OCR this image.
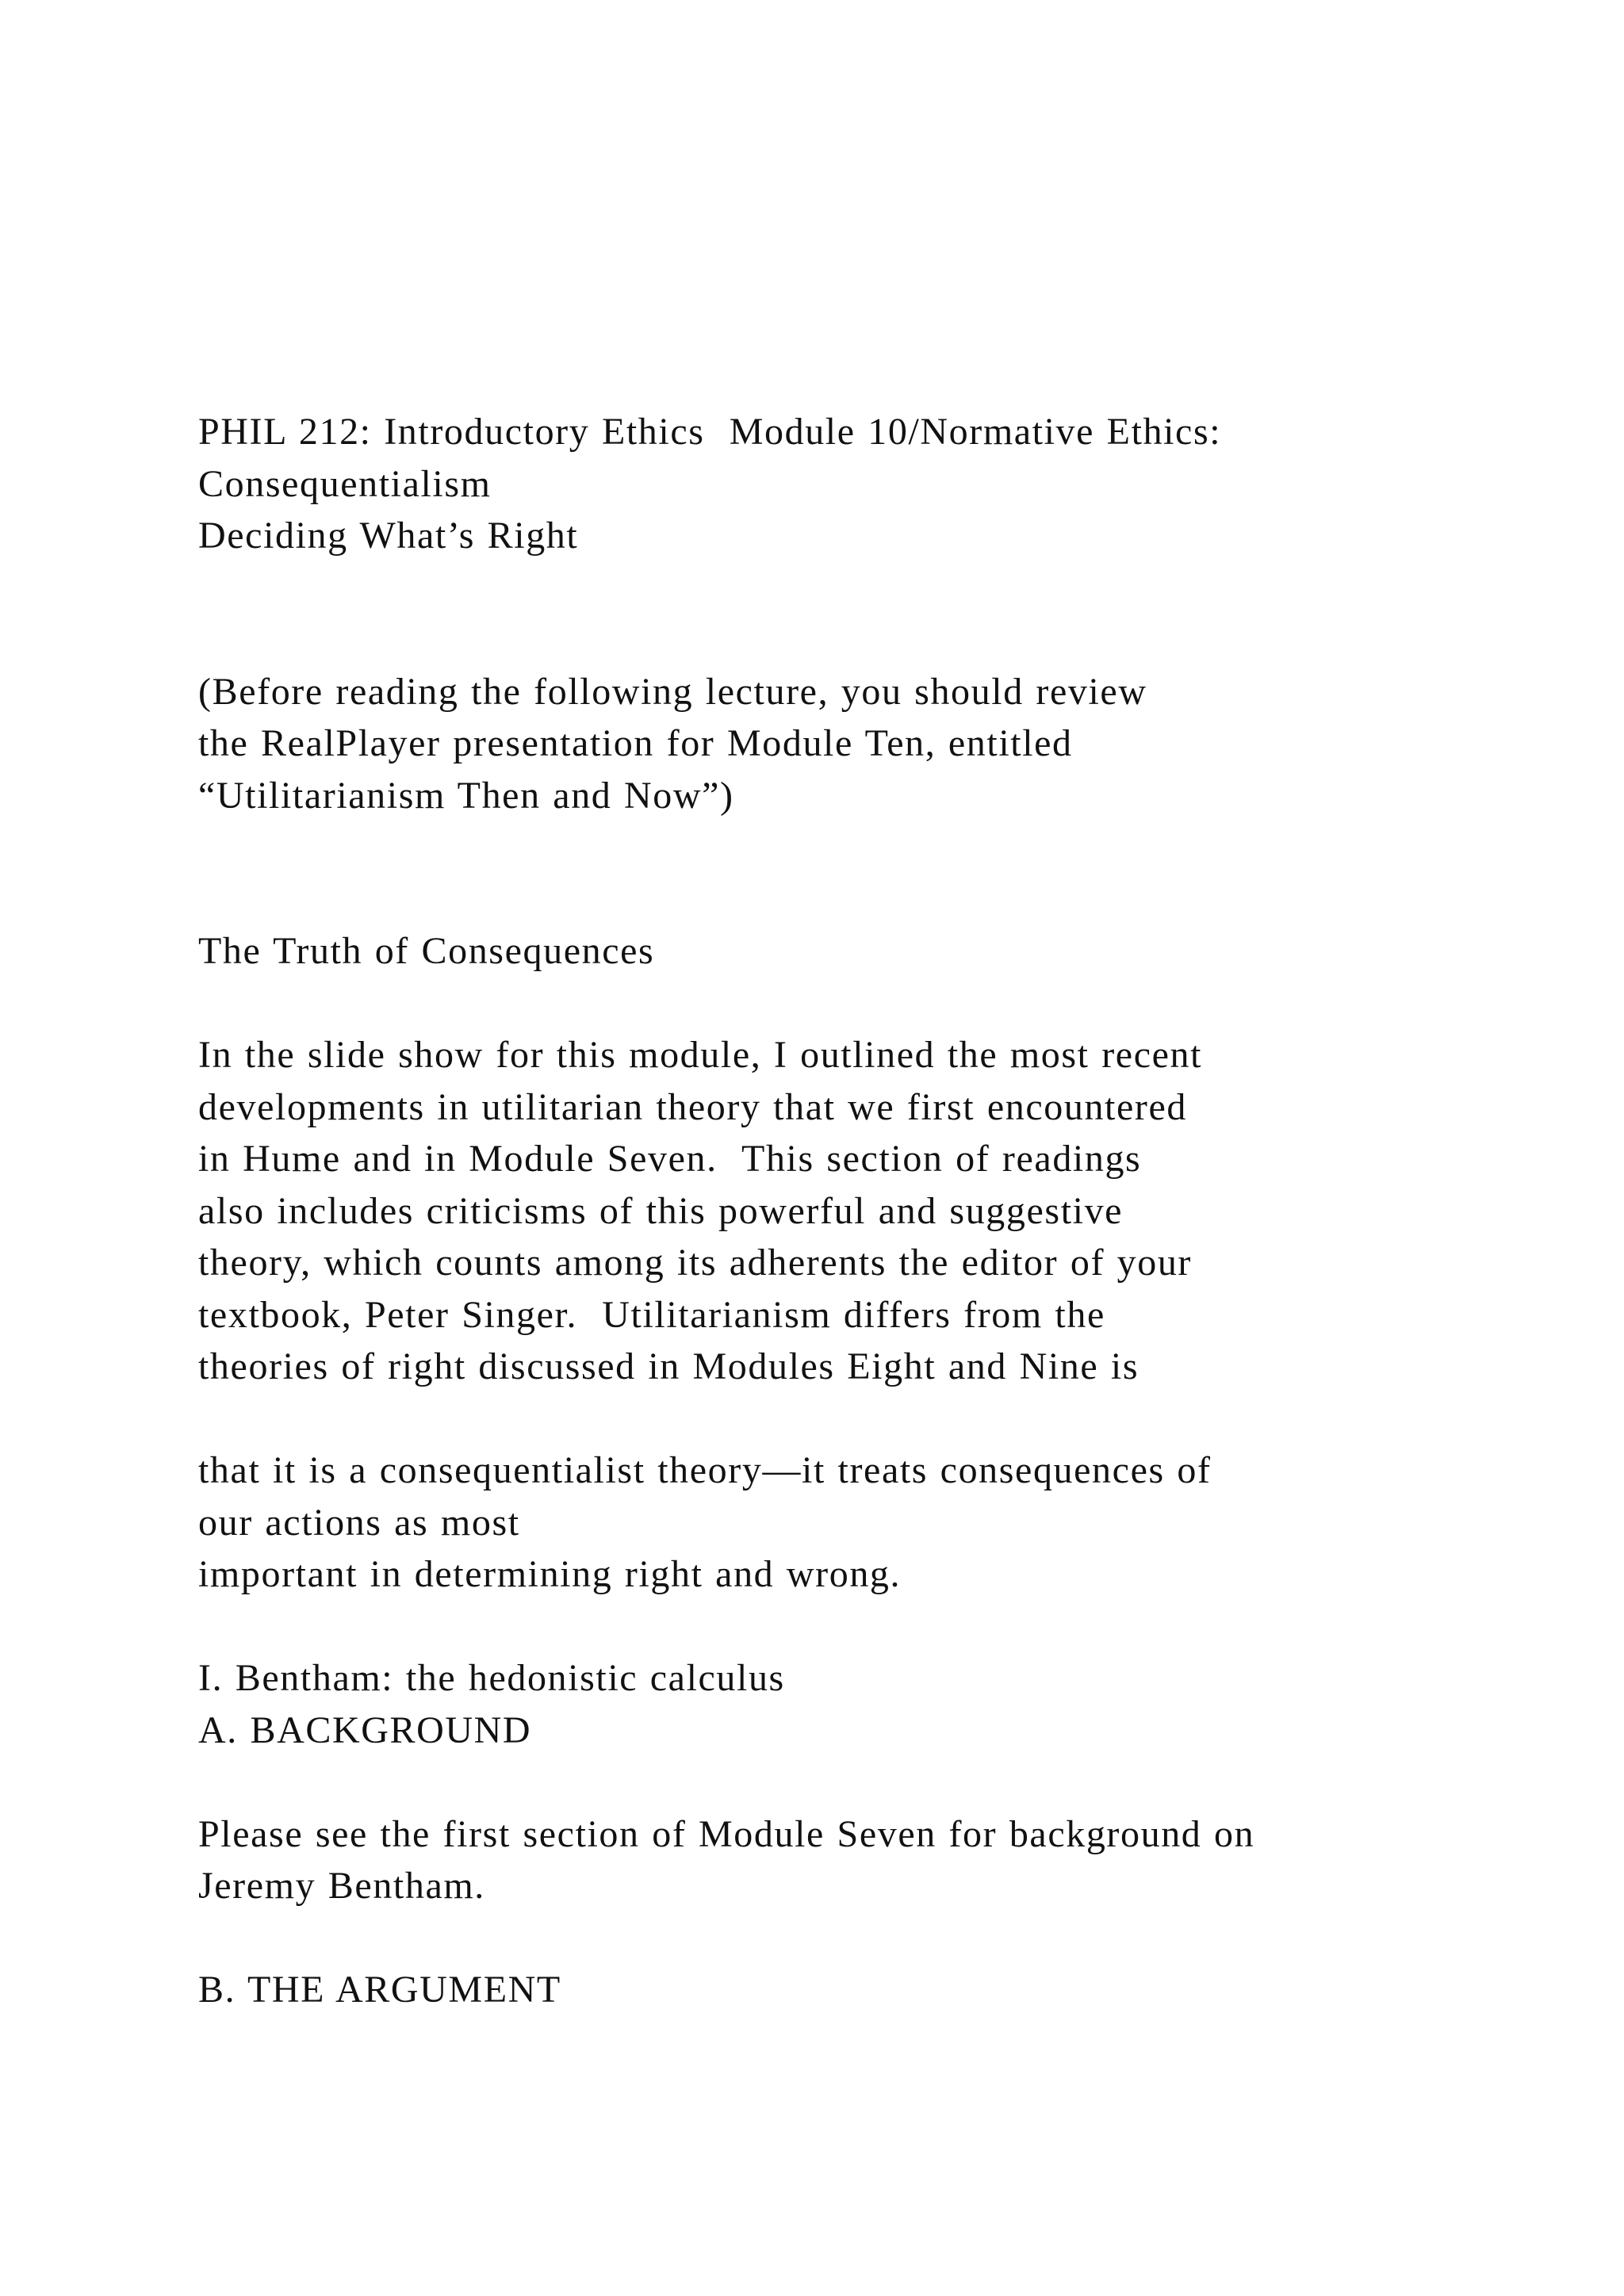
PHIL 212: Introductory Ethics  Module 10/Normative Ethics:
Consequentialism
Deciding What’s Right
(Before reading the following lecture, you should review
the RealPlayer presentation for Module Ten, entitled
“Utilitarianism Then and Now”)
The Truth of Consequences
In the slide show for this module, I outlined the most recent
developments in utilitarian theory that we first encountered
in Hume and in Module Seven.  This section of readings
also includes criticisms of this powerful and suggestive
theory, which counts among its adherents the editor of your
textbook, Peter Singer.  Utilitarianism differs from the
theories of right discussed in Modules Eight and Nine is
that it is a consequentialist theory—it treats consequences of
our actions as most
important in determining right and wrong.
I. Bentham: the hedonistic calculus
A. BACKGROUND
Please see the first section of Module Seven for background on
Jeremy Bentham.
B. THE ARGUMENT
